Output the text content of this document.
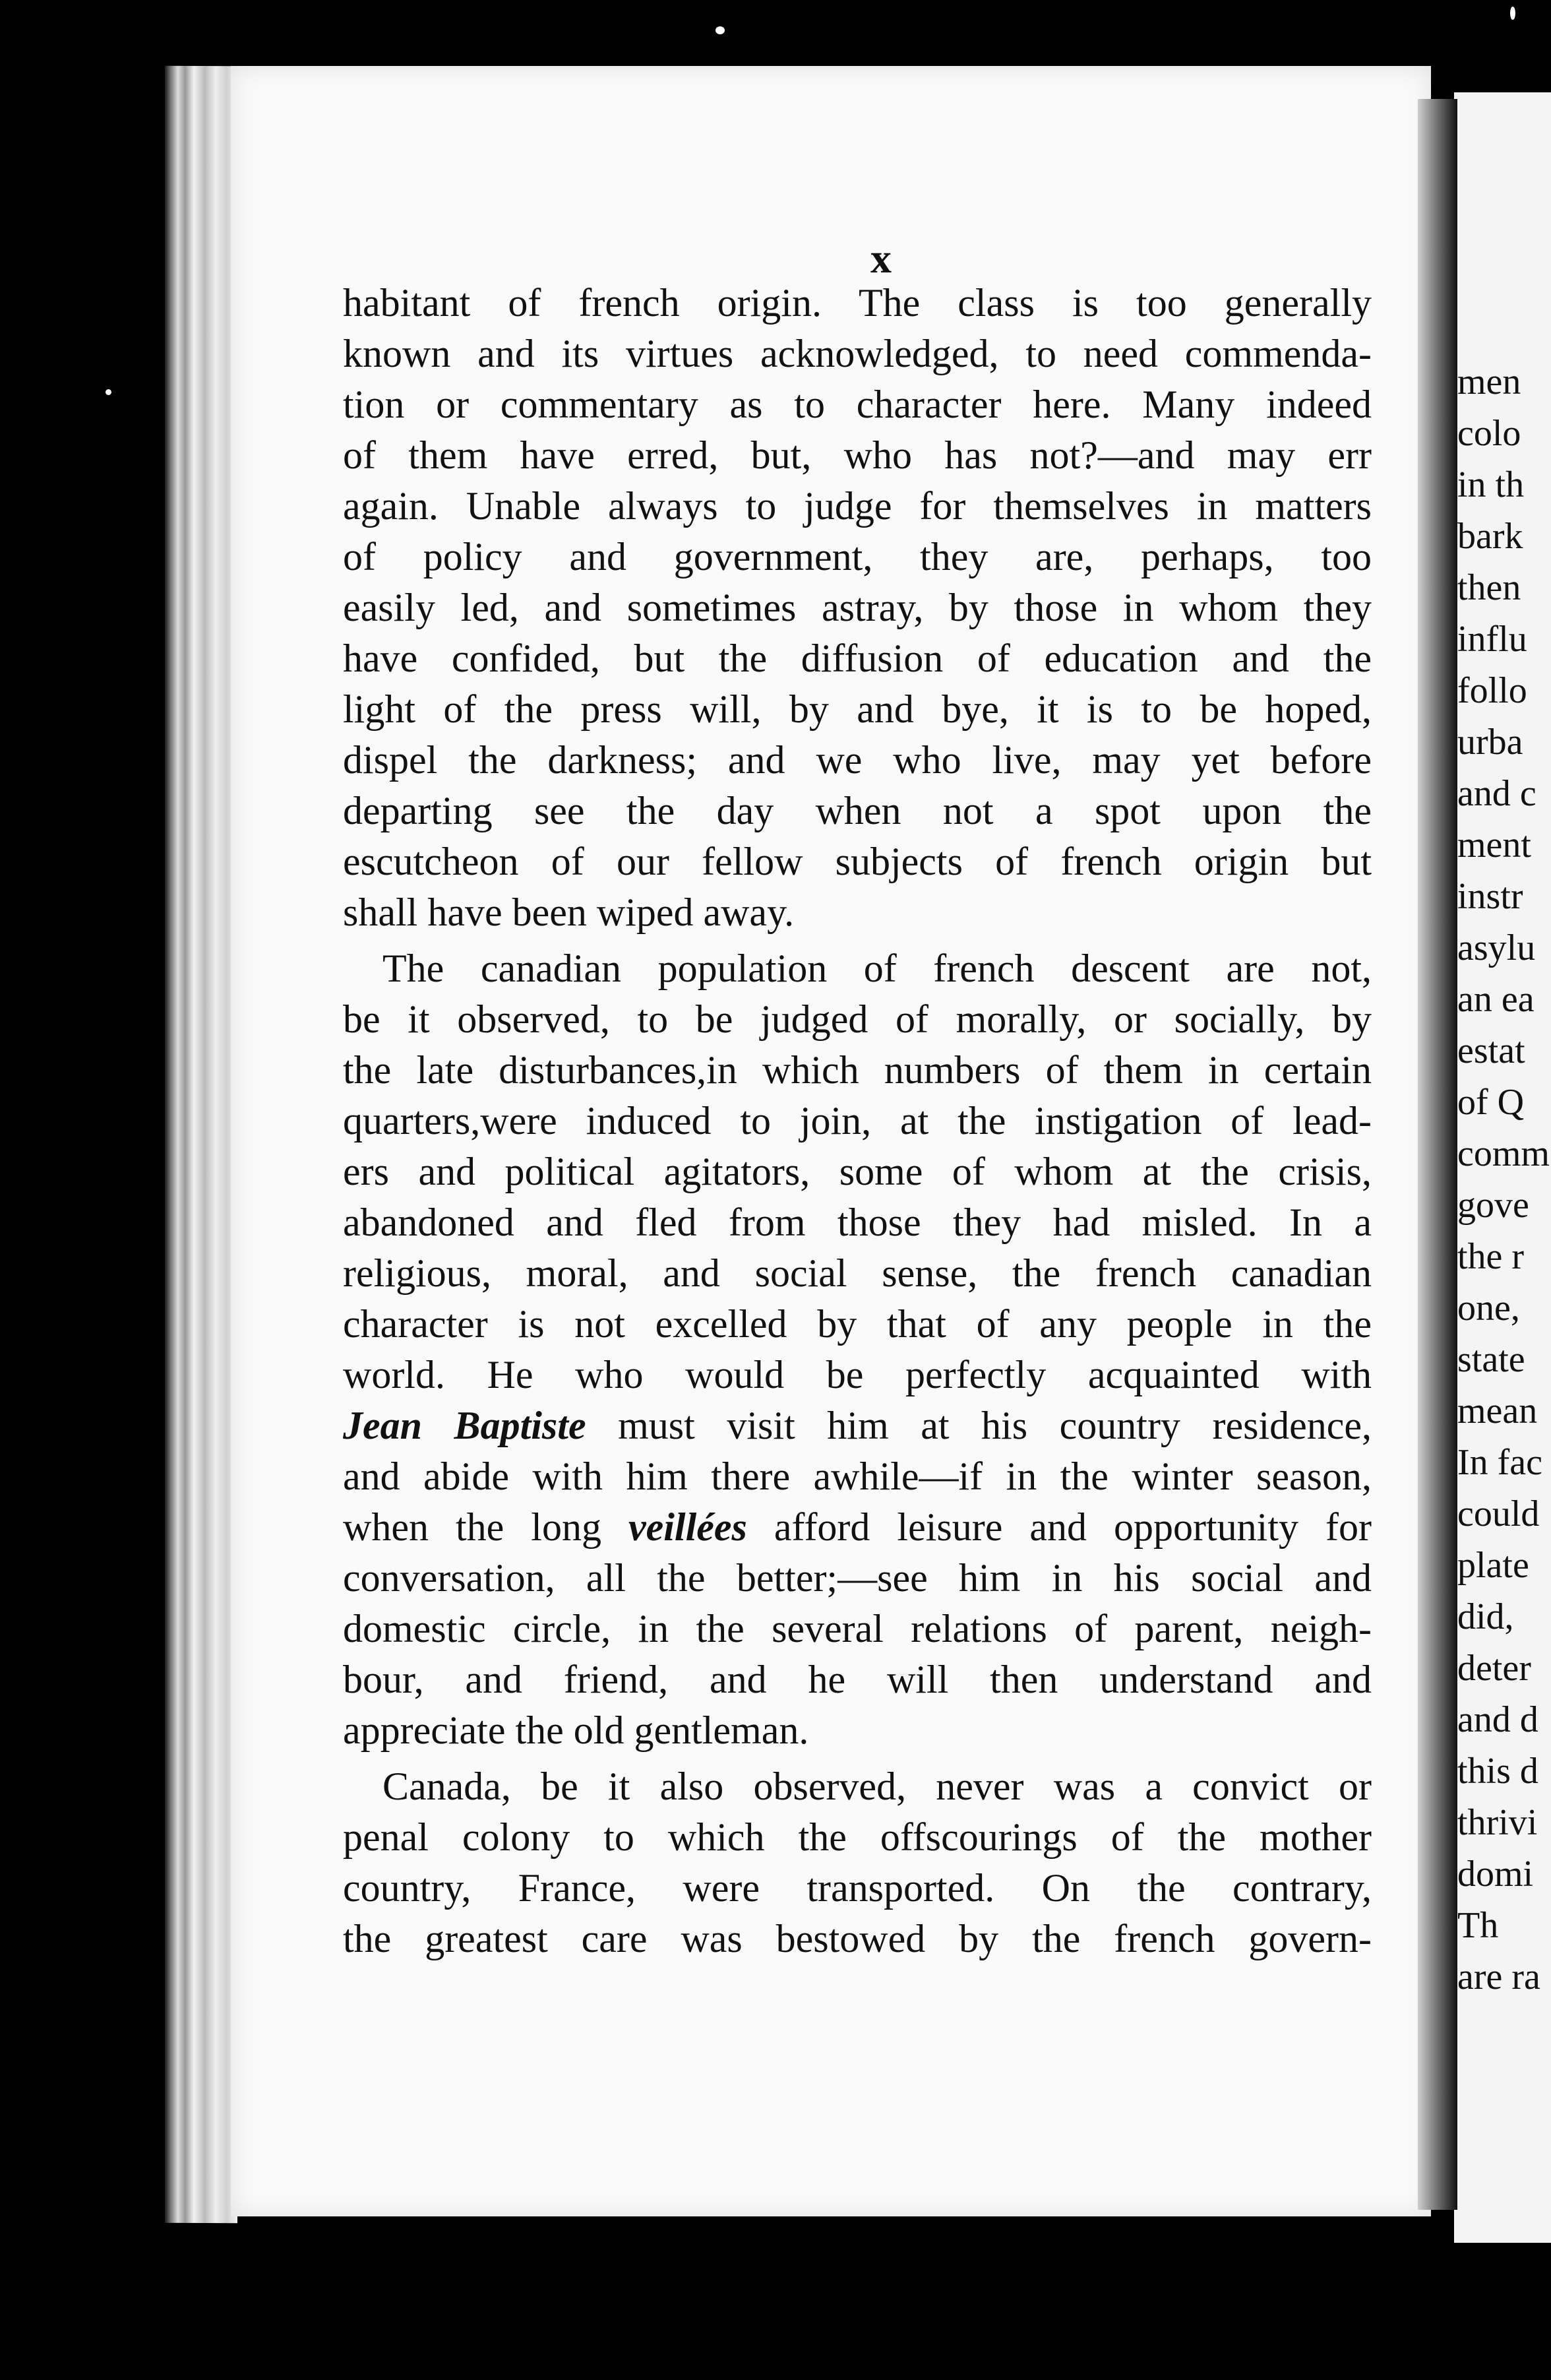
x
habitant of french origin. The class is too generally
known and its virtues acknowledged, to need commenda-
tion or commentary as to character here. Many indeed
of them have erred, but, who has not?—and may err
again. Unable always to judge for themselves in matters
of policy and government, they are, perhaps, too
easily led, and sometimes astray, by those in whom they
have confided, but the diffusion of education and the
light of the press will, by and bye, it is to be hoped,
dispel the darkness; and we who live, may yet before
departing see the day when not a spot upon the
escutcheon of our fellow subjects of french origin but
shall have been wiped away.
The canadian population of french descent are not,
be it observed, to be judged of morally, or socially, by
the late disturbances,in which numbers of them in certain
quarters,were induced to join, at the instigation of lead-
ers and political agitators, some of whom at the crisis,
abandoned and fled from those they had misled. In a
religious, moral, and social sense, the french canadian
character is not excelled by that of any people in the
world. He who would be perfectly acquainted with
Jean Baptiste must visit him at his country residence,
and abide with him there awhile—if in the winter season,
when the long veillées afford leisure and opportunity for
conversation, all the better;—see him in his social and
domestic circle, in the several relations of parent, neigh-
bour, and friend, and he will then understand and
appreciate the old gentleman.
Canada, be it also observed, never was a convict or
penal colony to which the offscourings of the mother
country, France, were transported. On the contrary,
the greatest care was bestowed by the french govern-
men
colo
in th
bark
then
influ
follo
urba
and c
ment
instr
asylu
an ea
estat
of Q
comm
gove
the r
one,
state
mean
In fac
could
plate
did,
deter
and d
this d
thrivi
domi
Th
are ra
